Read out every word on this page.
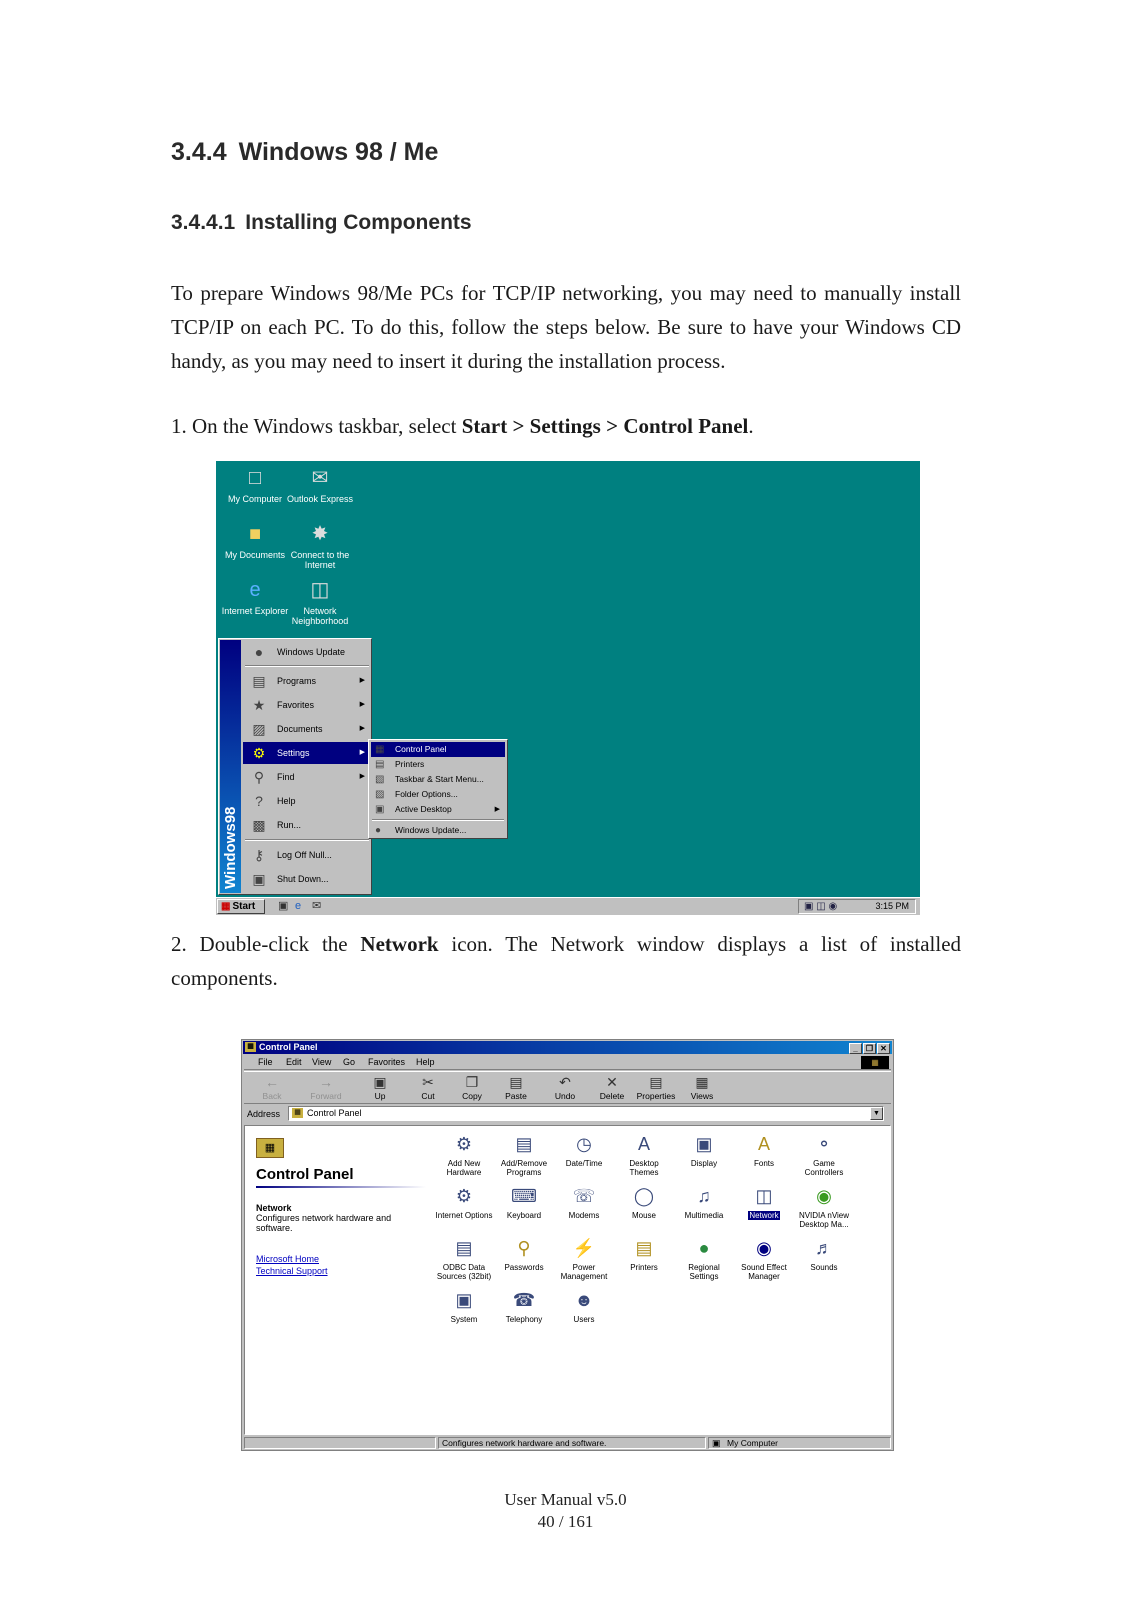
3.4.4 Windows 98 / Me
3.4.4.1 Installing Components
To prepare Windows 98/Me PCs for TCP/IP networking, you may need to manually install TCP/IP on each PC. To do this, follow the steps below. Be sure to have your Windows CD handy, as you may need to insert it during the installation process.
1. On the Windows taskbar, select Start > Settings > Control Panel.
□
My Computer
✉
Outlook Express
■
My Documents
✸
Connect to the Internet
e
Internet Explorer
◫
Network Neighborhood
Windows98
●	Windows Update
▤	Programs	▶
★	Favorites	▶
▨	Documents	▶
⚙	Settings	▶
⚲	Find	▶
?	Help
▩	Run...
⚷	Log Off Null...
▣	Shut Down...
▦ Control Panel
▤ Printers
▧ Taskbar & Start Menu...
▨ Folder Options...
▣ Active Desktop	▶
● Windows Update...
▦ Start	▣ e ✉	▣ ◫ ◉	3:15 PM
2. Double-click the Network icon. The Network window displays a list of installed components.
▦ Control Panel	_ ❐ ✕
File Edit View Go Favorites Help	▦
←
Back
→
Forward
▣
Up
✂
Cut
❐
Copy
▤
Paste
↶
Undo
✕
Delete
▤
Properties
▦
Views
Address	▦ Control Panel	▼
▦
Control Panel
Network
Configures network hardware and software.
Microsoft Home
Technical Support
⚙
Add New Hardware
▤
Add/Remove Programs
◷
Date/Time
A
Desktop Themes
▣
Display
A
Fonts
⚬
Game Controllers
⚙
Internet Options
⌨
Keyboard
☏
Modems
◯
Mouse
♫
Multimedia
◫
Network
◉
NVIDIA nView Desktop Ma...
▤
ODBC Data Sources (32bit)
⚲
Passwords
⚡
Power Management
▤
Printers
●
Regional Settings
◉
Sound Effect Manager
♬
Sounds
▣
System
☎
Telephony
☻
Users
Configures network hardware and software.	▣ My Computer
User Manual v5.0
40 / 161
